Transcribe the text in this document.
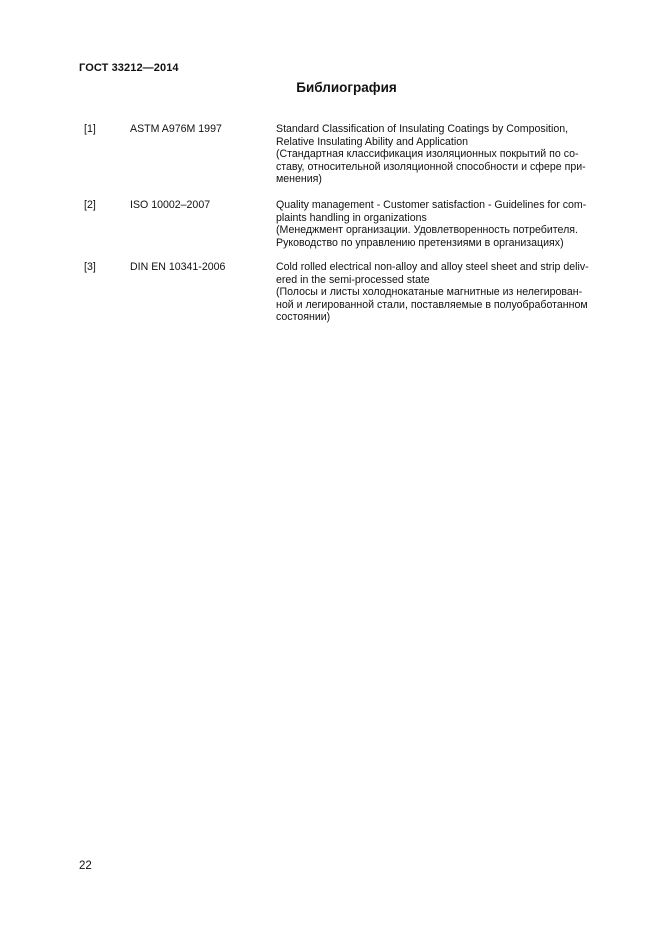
ГОСТ 33212—2014
Библиография
[1]	ASTM A976M 1997	Standard Classification of Insulating Coatings by Composition,
Relative Insulating Ability and Application
(Стандартная классификация изоляционных покрытий по со-
ставу, относительной изоляционной способности и сфере при-
менения)
[2]	ISO 10002–2007	Quality management - Customer satisfaction - Guidelines for com-
plaints handling in organizations
(Менеджмент организации. Удовлетворенность потребителя.
Руководство по управлению претензиями в организациях)
[3]	DIN EN 10341-2006	Cold rolled electrical non-alloy and alloy steel sheet and strip deliv-
ered in the semi-processed state
(Полосы и листы холоднокатаные магнитные из нелегирован-
ной и легированной стали, поставляемые в полуобработанном
состоянии)
22
